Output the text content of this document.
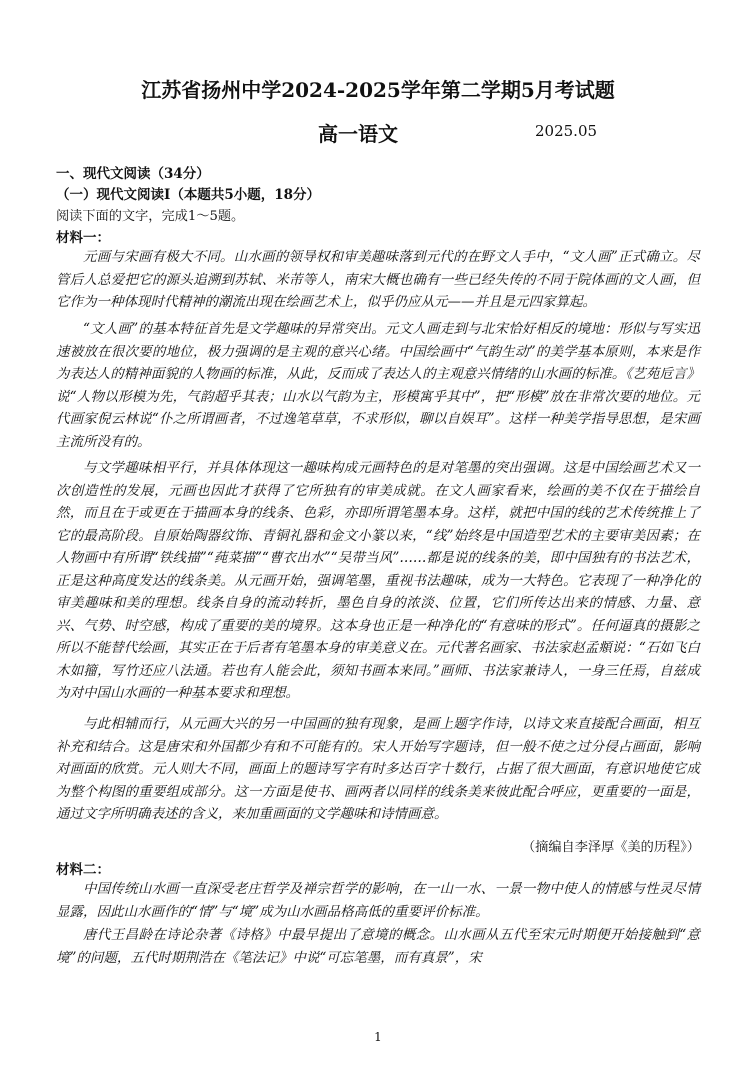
江苏省扬州中学2024-2025学年第二学期5月考试题
高一语文	2025.05
一、现代文阅读（34分）
（一）现代文阅读Ⅰ（本题共5小题，18分）
阅读下面的文字，完成1～5题。
材料一：
元画与宋画有极大不同。山水画的领导权和审美趣味落到元代的在野文人手中，“文人画”正式确立。尽管后人总爱把它的源头追溯到苏轼、米芾等人，南宋大概也确有一些已经失传的不同于院体画的文人画，但它作为一种体现时代精神的潮流出现在绘画艺术上，似乎仍应从元——并且是元四家算起。
“文人画”的基本特征首先是文学趣味的异常突出。元文人画走到与北宋恰好相反的境地：形似与写实迅速被放在很次要的地位，极力强调的是主观的意兴心绪。中国绘画中“气韵生动”的美学基本原则，本来是作为表达人的精神面貌的人物画的标准，从此，反而成了表达人的主观意兴情绪的山水画的标准。《艺苑卮言》说“人物以形模为先，气韵超乎其表；山水以气韵为主，形模寓乎其中”，把“形模”放在非常次要的地位。元代画家倪云林说“仆之所谓画者，不过逸笔草草，不求形似，聊以自娱耳”。这样一种美学指导思想，是宋画主流所没有的。
与文学趣味相平行，并具体体现这一趣味构成元画特色的是对笔墨的突出强调。这是中国绘画艺术又一次创造性的发展，元画也因此才获得了它所独有的审美成就。在文人画家看来，绘画的美不仅在于描绘自然，而且在于或更在于描画本身的线条、色彩，亦即所谓笔墨本身。这样，就把中国的线的艺术传统推上了它的最高阶段。自原始陶器纹饰、青铜礼器和金文小篆以来，“线”始终是中国造型艺术的主要审美因素；在人物画中有所谓“铁线描”“莼菜描”“曹衣出水”“吴带当风”……都是说的线条的美，即中国独有的书法艺术，正是这种高度发达的线条美。从元画开始，强调笔墨，重视书法趣味，成为一大特色。它表现了一种净化的审美趣味和美的理想。线条自身的流动转折，墨色自身的浓淡、位置，它们所传达出来的情感、力量、意兴、气势、时空感，构成了重要的美的境界。这本身也正是一种净化的“有意味的形式”。任何逼真的摄影之所以不能替代绘画，其实正在于后者有笔墨本身的审美意义在。元代著名画家、书法家赵孟頫说：“石如飞白木如籀，写竹还应八法通。若也有人能会此，须知书画本来同。”画师、书法家兼诗人，一身三任焉，自兹成为对中国山水画的一种基本要求和理想。
与此相辅而行，从元画大兴的另一中国画的独有现象，是画上题字作诗，以诗文来直接配合画面，相互补充和结合。这是唐宋和外国都少有和不可能有的。宋人开始写字题诗，但一般不使之过分侵占画面，影响对画面的欣赏。元人则大不同，画面上的题诗写字有时多达百字十数行，占据了很大画面，有意识地使它成为整个构图的重要组成部分。这一方面是使书、画两者以同样的线条美来彼此配合呼应，更重要的一面是，通过文字所明确表述的含义，来加重画面的文学趣味和诗情画意。
（摘编自李泽厚《美的历程》）
材料二：
中国传统山水画一直深受老庄哲学及禅宗哲学的影响，在一山一水、一景一物中使人的情感与性灵尽情显露，因此山水画作的“情”与“境”成为山水画品格高低的重要评价标准。
唐代王昌龄在诗论杂著《诗格》中最早提出了意境的概念。山水画从五代至宋元时期便开始接触到“意境”的问题，五代时期荆浩在《笔法记》中说“可忘笔墨，而有真景”，宋
1
